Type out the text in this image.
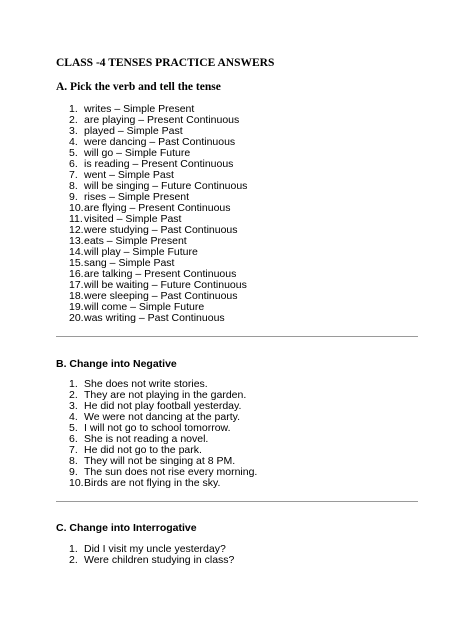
CLASS -4 TENSES PRACTICE ANSWERS
A. Pick the verb and tell the tense
1. writes – Simple Present
2. are playing – Present Continuous
3. played – Simple Past
4. were dancing – Past Continuous
5. will go – Simple Future
6. is reading – Present Continuous
7. went – Simple Past
8. will be singing – Future Continuous
9. rises – Simple Present
10. are flying – Present Continuous
11. visited – Simple Past
12. were studying – Past Continuous
13. eats – Simple Present
14. will play – Simple Future
15. sang – Simple Past
16. are talking – Present Continuous
17. will be waiting – Future Continuous
18. were sleeping – Past Continuous
19. will come – Simple Future
20. was writing – Past Continuous
B. Change into Negative
1. She does not write stories.
2. They are not playing in the garden.
3. He did not play football yesterday.
4. We were not dancing at the party.
5. I will not go to school tomorrow.
6. She is not reading a novel.
7. He did not go to the park.
8. They will not be singing at 8 PM.
9. The sun does not rise every morning.
10. Birds are not flying in the sky.
C. Change into Interrogative
1. Did I visit my uncle yesterday?
2. Were children studying in class?
